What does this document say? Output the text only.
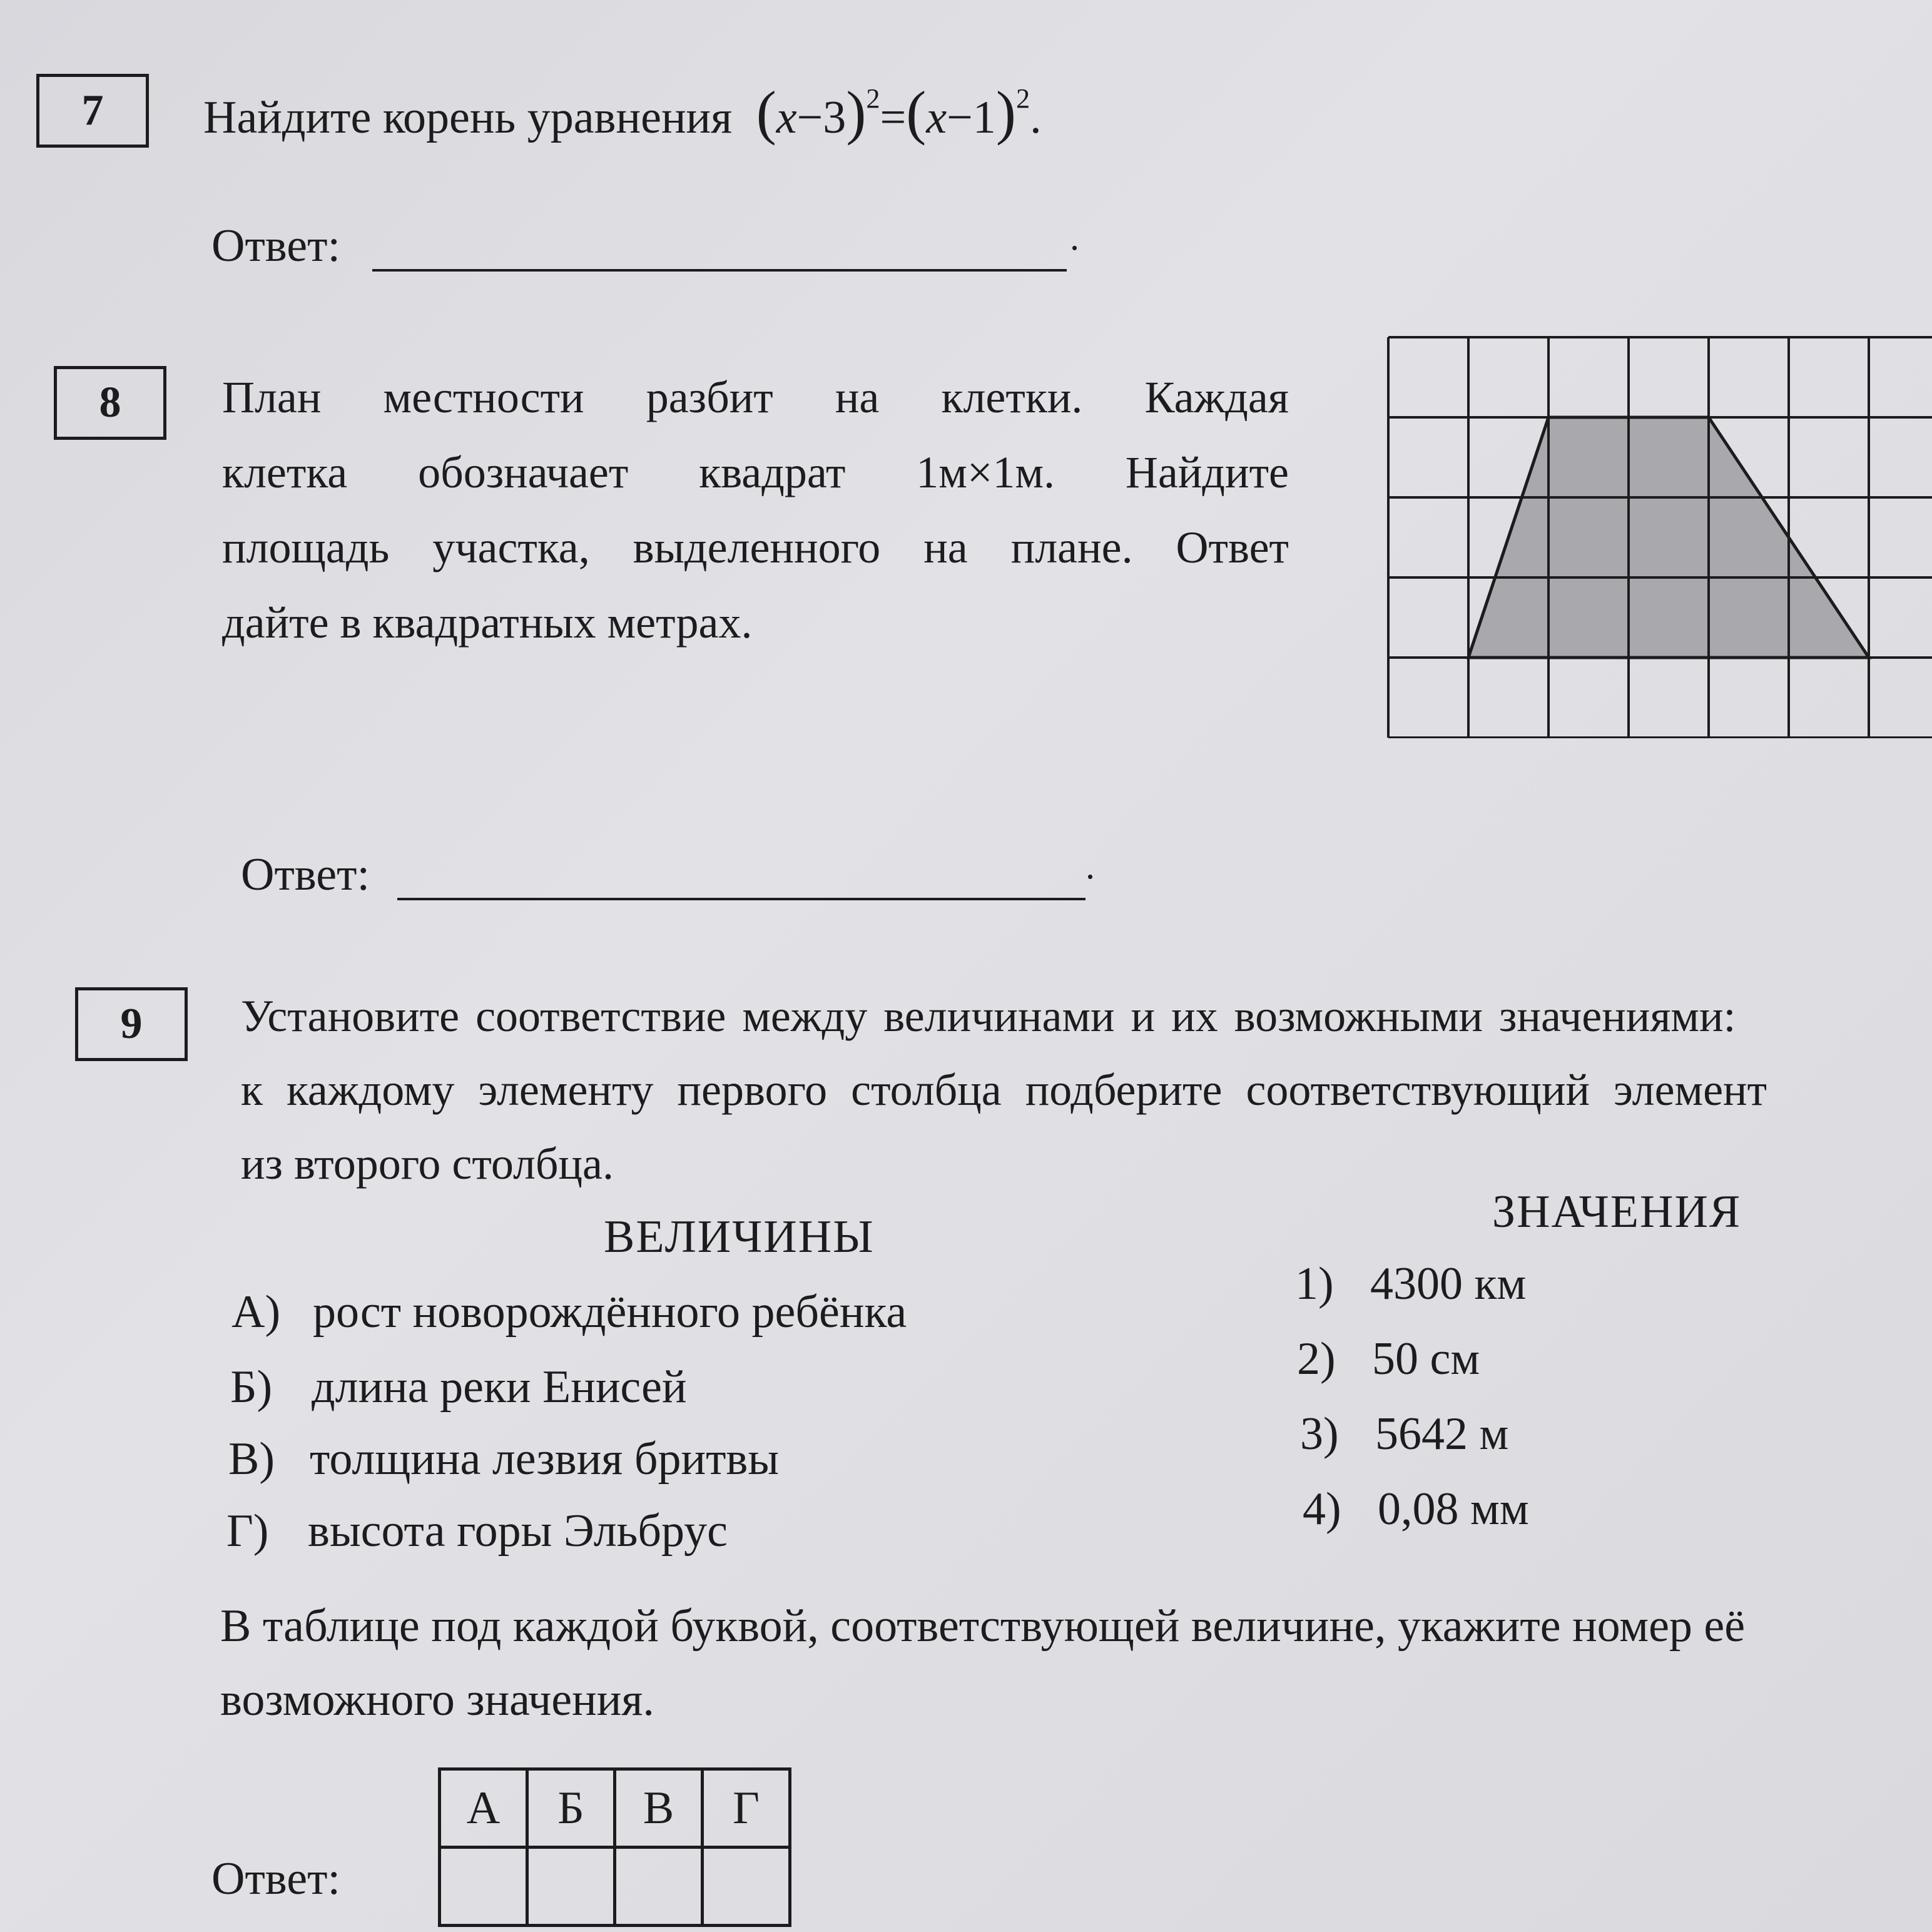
7	Найдите корень уравнения $(x-3)^2=(x-1)^2$.
Ответ:	.
8	План местности разбит на клетки. Каждая
клетка обозначает квадрат 1м×1м. Найдите
площадь участка, выделенного на плане. Ответ
дайте в квадратных метрах.
Ответ:	.
9	Установите соответствие между величинами и их возможными значениями:
к каждому элементу первого столбца подберите соответствующий элемент
из второго столбца.
ВЕЛИЧИНЫ	ЗНАЧЕНИЯ
А) рост новорождённого ребёнка
Б) длина реки Енисей
В) толщина лезвия бритвы
Г) высота горы Эльбрус
1) 4300 км
2) 50 см
3) 5642 м
4) 0,08 мм
В таблице под каждой буквой, соответствующей величине, укажите номер её
возможного значения.
Ответ:
А	Б	В	Г
